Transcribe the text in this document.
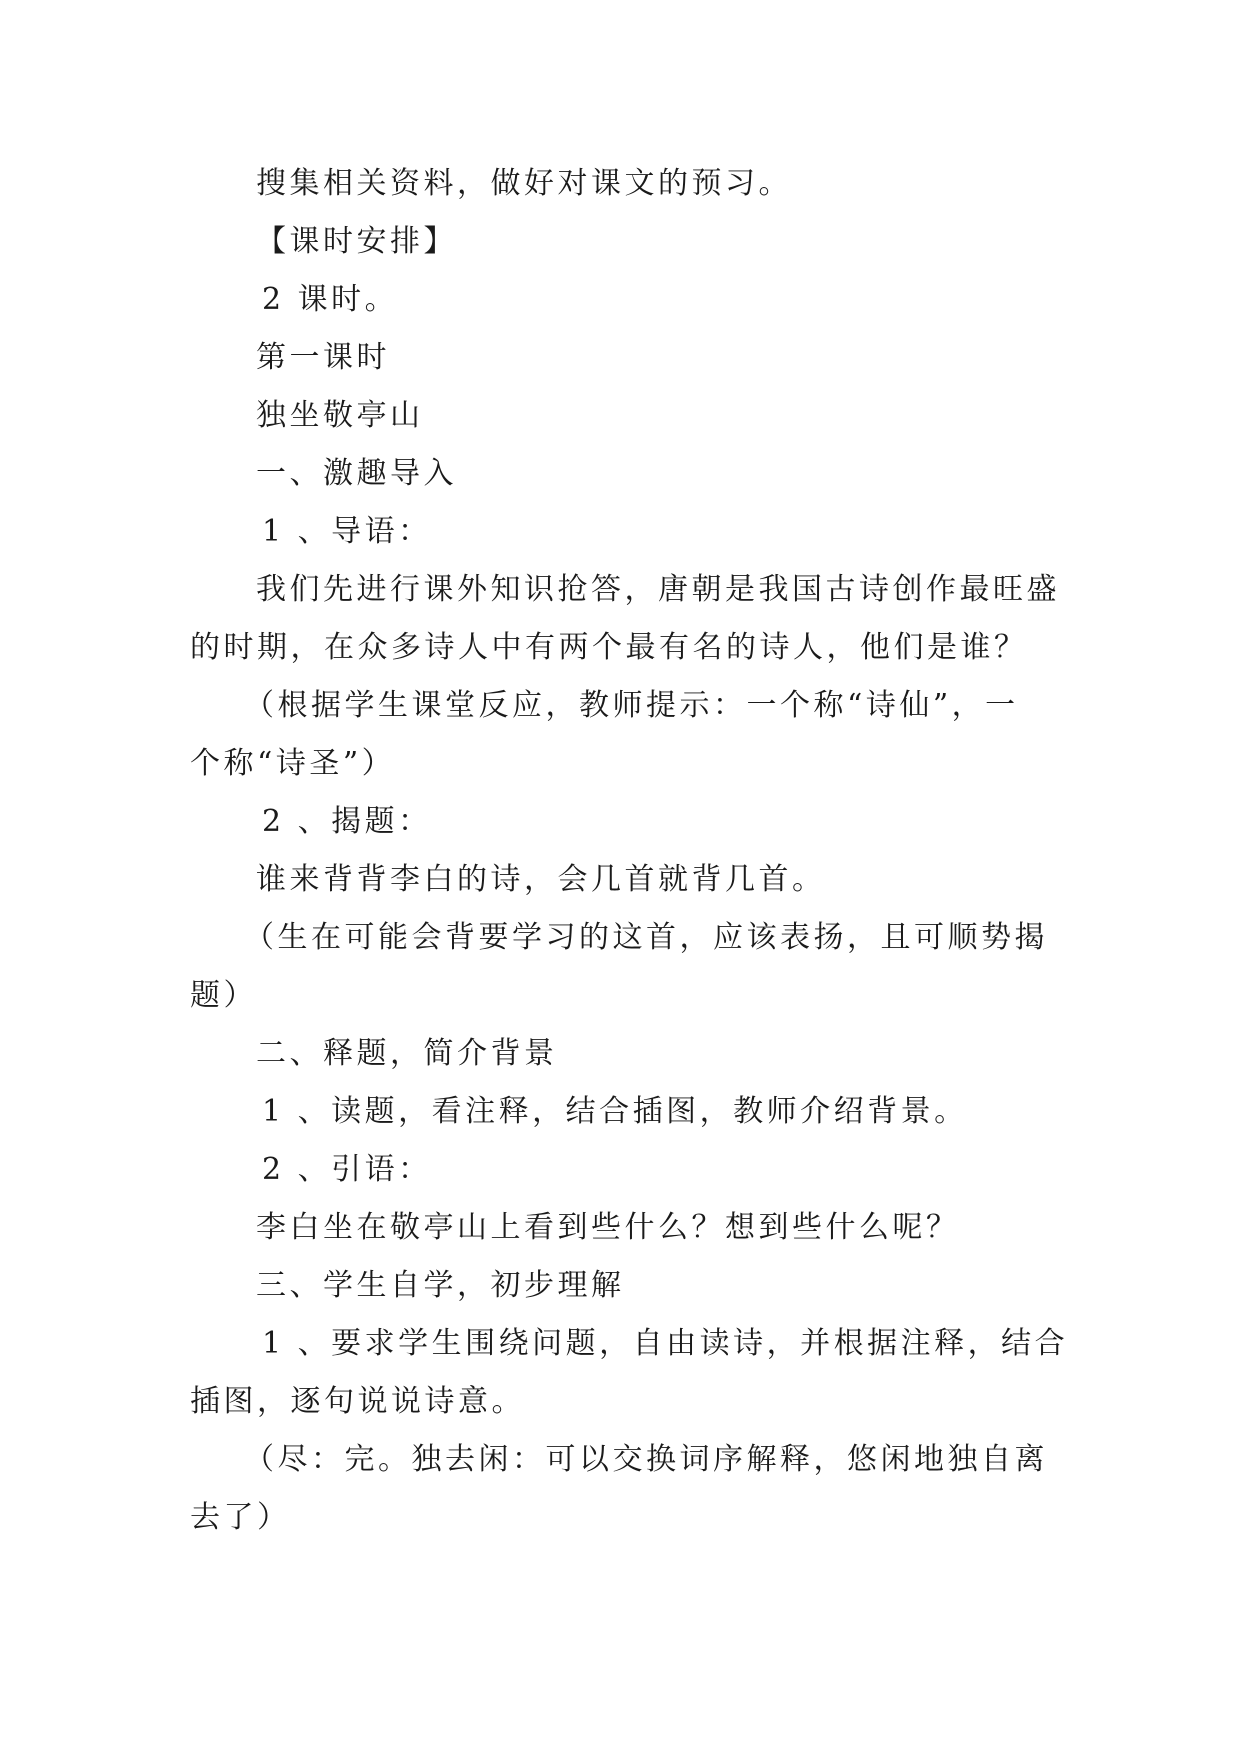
搜集相关资料，做好对课文的预习。
【课时安排】
2 课时。
第一课时
独坐敬亭山
一、激趣导入
1 、导语：
我们先进行课外知识抢答，唐朝是我国古诗创作最旺盛
的时期，在众多诗人中有两个最有名的诗人，他们是谁？
（根据学生课堂反应，教师提示：一个称“诗仙”，一
个称“诗圣”）
2 、揭题：
谁来背背李白的诗，会几首就背几首。
（生在可能会背要学习的这首，应该表扬，且可顺势揭
题）
二、释题，简介背景
1 、读题，看注释，结合插图，教师介绍背景。
2 、引语：
李白坐在敬亭山上看到些什么？想到些什么呢？
三、学生自学，初步理解
1 、要求学生围绕问题，自由读诗，并根据注释，结合
插图，逐句说说诗意。
（尽：完。独去闲：可以交换词序解释，悠闲地独自离
去了）
